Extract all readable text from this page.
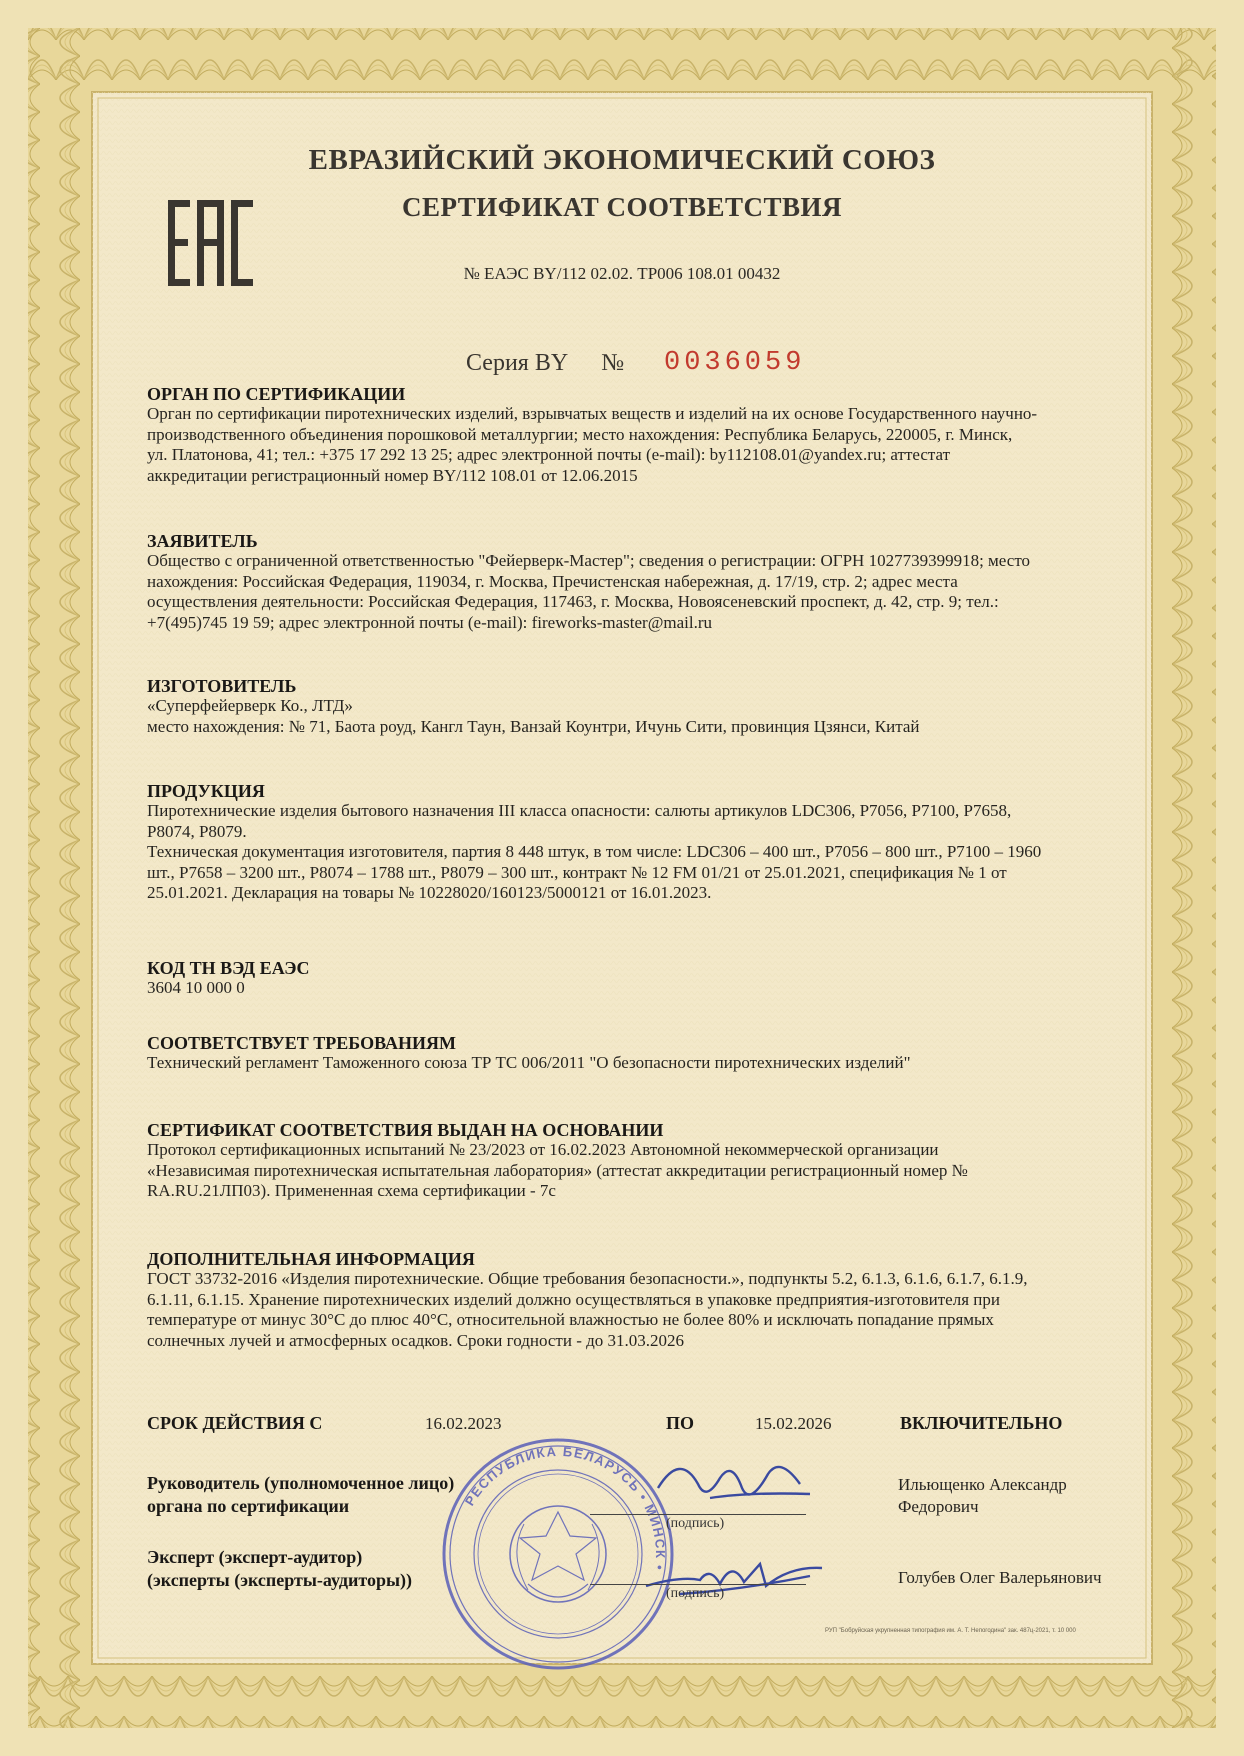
ЕВРАЗИЙСКИЙ ЭКОНОМИЧЕСКИЙ СОЮЗ
СЕРТИФИКАТ СООТВЕТСТВИЯ
№ ЕАЭС BY/112 02.02. ТР006 108.01 00432
Серия BY № 0036059

ОРГАН ПО СЕРТИФИКАЦИИ

Орган по сертификации пиротехнических изделий, взрывчатых веществ и изделий на их основе Государственного научно-
производственного объединения порошковой металлургии; место нахождения: Республика Беларусь, 220005, г. Минск,
ул. Платонова, 41; тел.: +375 17 292 13 25; адрес электронной почты (e-mail): by112108.01@yandex.ru; аттестат
аккредитации регистрационный номер BY/112 108.01 от 12.06.2015

ЗАЯВИТЕЛЬ

Общество с ограниченной ответственностью "Фейерверк-Мастер"; сведения о регистрации: ОГРН 1027739399918; место
нахождения: Российская Федерация, 119034, г. Москва, Пречистенская набережная, д. 17/19, стр. 2; адрес места
осуществления деятельности: Российская Федерация, 117463, г. Москва, Новоясеневский проспект, д. 42, стр. 9; тел.:
+7(495)745 19 59; адрес электронной почты (e-mail): fireworks-master@mail.ru

ИЗГОТОВИТЕЛЬ

«Суперфейерверк Ко., ЛТД»
место нахождения: № 71, Баота роуд, Кангл Таун, Ванзай Коунтри, Ичунь Сити, провинция Цзянси, Китай

ПРОДУКЦИЯ

Пиротехнические изделия бытового назначения III класса опасности: салюты артикулов LDC306, P7056, P7100, P7658,
P8074, P8079.
Техническая документация изготовителя, партия 8 448 штук, в том числе: LDC306 – 400 шт., P7056 – 800 шт., P7100 – 1960
шт., P7658 – 3200 шт., P8074 – 1788 шт., P8079 – 300 шт., контракт № 12 FM 01/21 от 25.01.2021, спецификация № 1 от
25.01.2021. Декларация на товары № 10228020/160123/5000121 от 16.01.2023.

КОД ТН ВЭД ЕАЭС

3604 10 000 0

СООТВЕТСТВУЕТ ТРЕБОВАНИЯМ

Технический регламент Таможенного союза ТР ТС 006/2011 "О безопасности пиротехнических изделий"

СЕРТИФИКАТ СООТВЕТСТВИЯ ВЫДАН НА ОСНОВАНИИ

Протокол сертификационных испытаний № 23/2023 от 16.02.2023 Автономной некоммерческой организации
«Независимая пиротехническая испытательная лаборатория» (аттестат аккредитации регистрационный номер №
RA.RU.21ЛП03). Примененная схема сертификации - 7с

ДОПОЛНИТЕЛЬНАЯ ИНФОРМАЦИЯ

ГОСТ 33732-2016 «Изделия пиротехнические. Общие требования безопасности.», подпункты 5.2, 6.1.3, 6.1.6, 6.1.7, 6.1.9,
6.1.11, 6.1.15. Хранение пиротехнических изделий должно осуществляться в упаковке предприятия-изготовителя при
температуре от минус 30°С до плюс 40°С, относительной влажностью не более 80% и исключать попадание прямых
солнечных лучей и атмосферных осадков. Сроки годности - до 31.03.2026

СРОК ДЕЙСТВИЯ С	16.02.2023	ПО	15.02.2026	ВКЛЮЧИТЕЛЬНО
РЕСПУБЛИКА БЕЛАРУСЬ • МИНСК •
Руководитель (уполномоченное лицо)
органа по сертификации
(подпись)
Ильющенко Александр
Федорович
Эксперт (эксперт-аудитор)
(эксперты (эксперты-аудиторы))
(подпись)
Голубев Олег Валерьянович
РУП "Бобруйская укрупненная типография им. А. Т. Непогодина" зак. 487ц-2021, т. 10 000
